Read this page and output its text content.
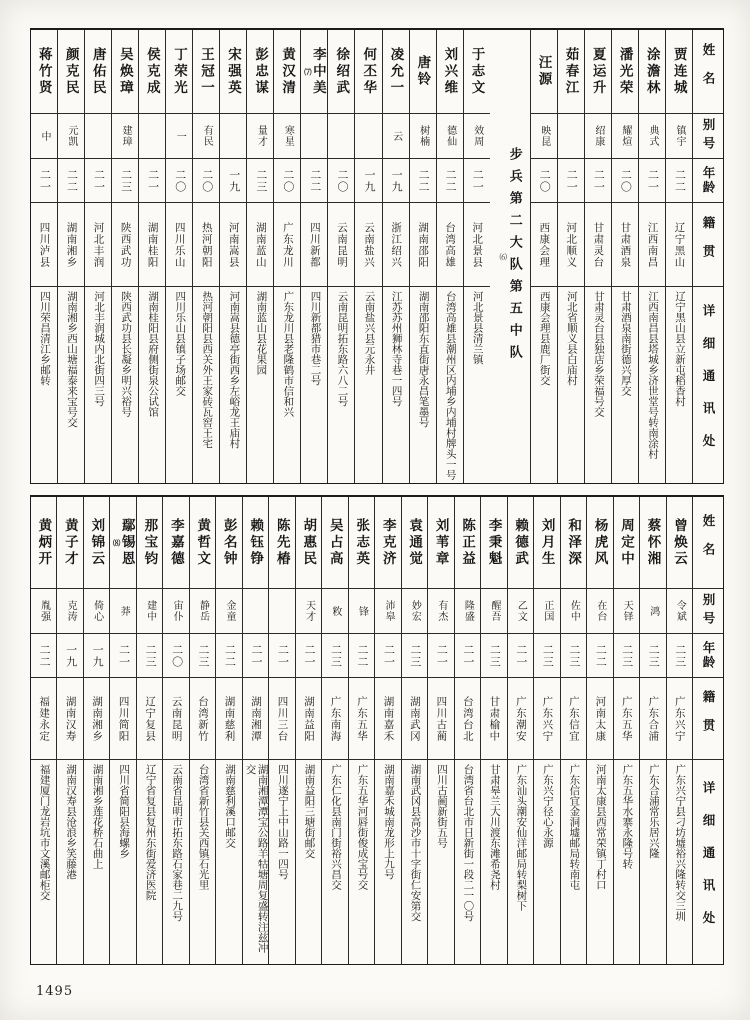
姓名
别号
年龄
籍贯
详细通讯处
贾连城
镇宇
二二
辽宁黑山
辽宁黑山县立新屯稻香村
涂澹林
典式
二一
江西南昌
江西南昌县塔城乡济世堂号转南涂村
潘光荣
耀煊
二〇
甘肃酒泉
甘肃酒泉南街德兴厚交
夏运升
绍康
二一
甘肃灵台
甘肃灵台县独店乡荣福号交
茹春江
二一
河北顺义
河北省顺义县白庙村
汪源
映昆
二〇
西康会理
西康会理县鹿厂街交
步兵第二大队第五中队
⑹
于志文
效周
二一
河北景县
河北景县清兰镇
刘兴维
德仙
二二
台湾高雄
台湾高雄县潮州区内埔乡内埔村牌头一号
唐铃
树楠
二二
湖南邵阳
湖南邵阳东直街唐永昌笔墨号
凌允一
云
一九
浙江绍兴
江苏苏州狮林寺巷一四号
何丕华
一九
云南盐兴
云南盐兴县元永井
徐绍武
二〇
云南昆明
云南昆明拓东路六八二号
李中美
⑺
二二
四川新都
四川新都猎市巷二号
黄汉清
寒星
二〇
广东龙川
广东龙川县老隆鹤市信和兴
彭忠谋
量才
二三
湖南蓝山
湖南蓝山县花果园
宋强英
一九
河南嵩县
河南嵩县德亭街西乡左峪龙王庙村
王冠一
有民
二〇
热河朝阳
热河朝阳县西关外王家砖瓦窖王宅
丁荣光
一
二〇
四川乐山
四川乐山县镇子场邮交
侯克成
二一
湖南桂阳
湖南桂阳县府侧街泉公试馆
吴焕璋
建璋
二三
陕西武功
陕西武功县长凝乡明兴裕号
唐佑民
二一
河北丰润
河北丰润城内北街四三号
颜克民
元凯
二二
湖南湘乡
湖南湘乡西山塘福泰来宝号交
蒋竹贤
中
二一
四川泸县
四川荣昌清江乡邮转
姓名
别号
年龄
籍贯
详细通讯处
曾焕云
令斌
二三
广东兴宁
广东兴宁县刁坊墟裕兴隆转交三圳
蔡怀湘
鸿
二三
广东合浦
广东合浦常乐居兴隆
周定中
天铎
二三
广东五华
广东五华水寨永隆号转
杨虎风
在台
二二
河南太康
河南太康县西常荣镇丁村口
和泽深
佐中
二三
广东信宜
广东信宜金洞墟邮局转南屯
刘月生
正国
二三
广东兴宁
广东兴宁径心永源
赖德武
乙文
二一
广东潮安
广东汕头潮安仙洋邮局转梨树下
李秉魁
醒吾
二三
甘肃榆中
甘肃皋兰大川渡东滩希尧村
陈正益
隆盛
二一
台湾台北
台湾省台北市日新街一段二一〇号
刘苇章
有杰
二一
四川古蔺
四川古蔺新街五号
袁通觉
妙宏
二三
湖南武冈
湖南武冈县高沙市十字街仁安第交
李克济
沛皋
二一
湖南嘉禾
湖南嘉禾城南龙形上九号
张志英
锋
二二
广东五华
广东五华河唇街俊成宝号交
吴占高
敉
二三
广东南海
广东仁化县南门街裕兴昌交
胡惠民
天才
二一
湖南益阳
湖南益阳三塘街邮交
陈先椿
二一
四川三台
四川遂宁上中山路一四号
赖钰铮
二一
湖南湘潭
湖南湘潭潭宝公路羊牯塘周复盛转注兹冲交
彭名钟
金童
二二
湖南慈利
湖南慈利溪口邮交
黄哲文
静岳
二三
台湾新竹
台湾省新竹县关西镇石光里
李嘉德
宙仆
二〇
云南昆明
云南省昆明市拓东路石家巷二九号
那宝钧
建中
二三
辽宁复县
辽宁省复县复州东街爱济医院
鄢锡恩
⑻
莽
二一
四川简阳
四川省简阳县海螺乡
刘锦云
倚心
一九
湖南湘乡
湖南湘乡莲花桥石曲上
黄子才
克涛
一九
湖南汉寿
湖南汉寿县沧浪乡笑藤港
黄炳开
胤强
二二
福建永定
福建厦门龙岩坑市文溪邮柜交
1495
